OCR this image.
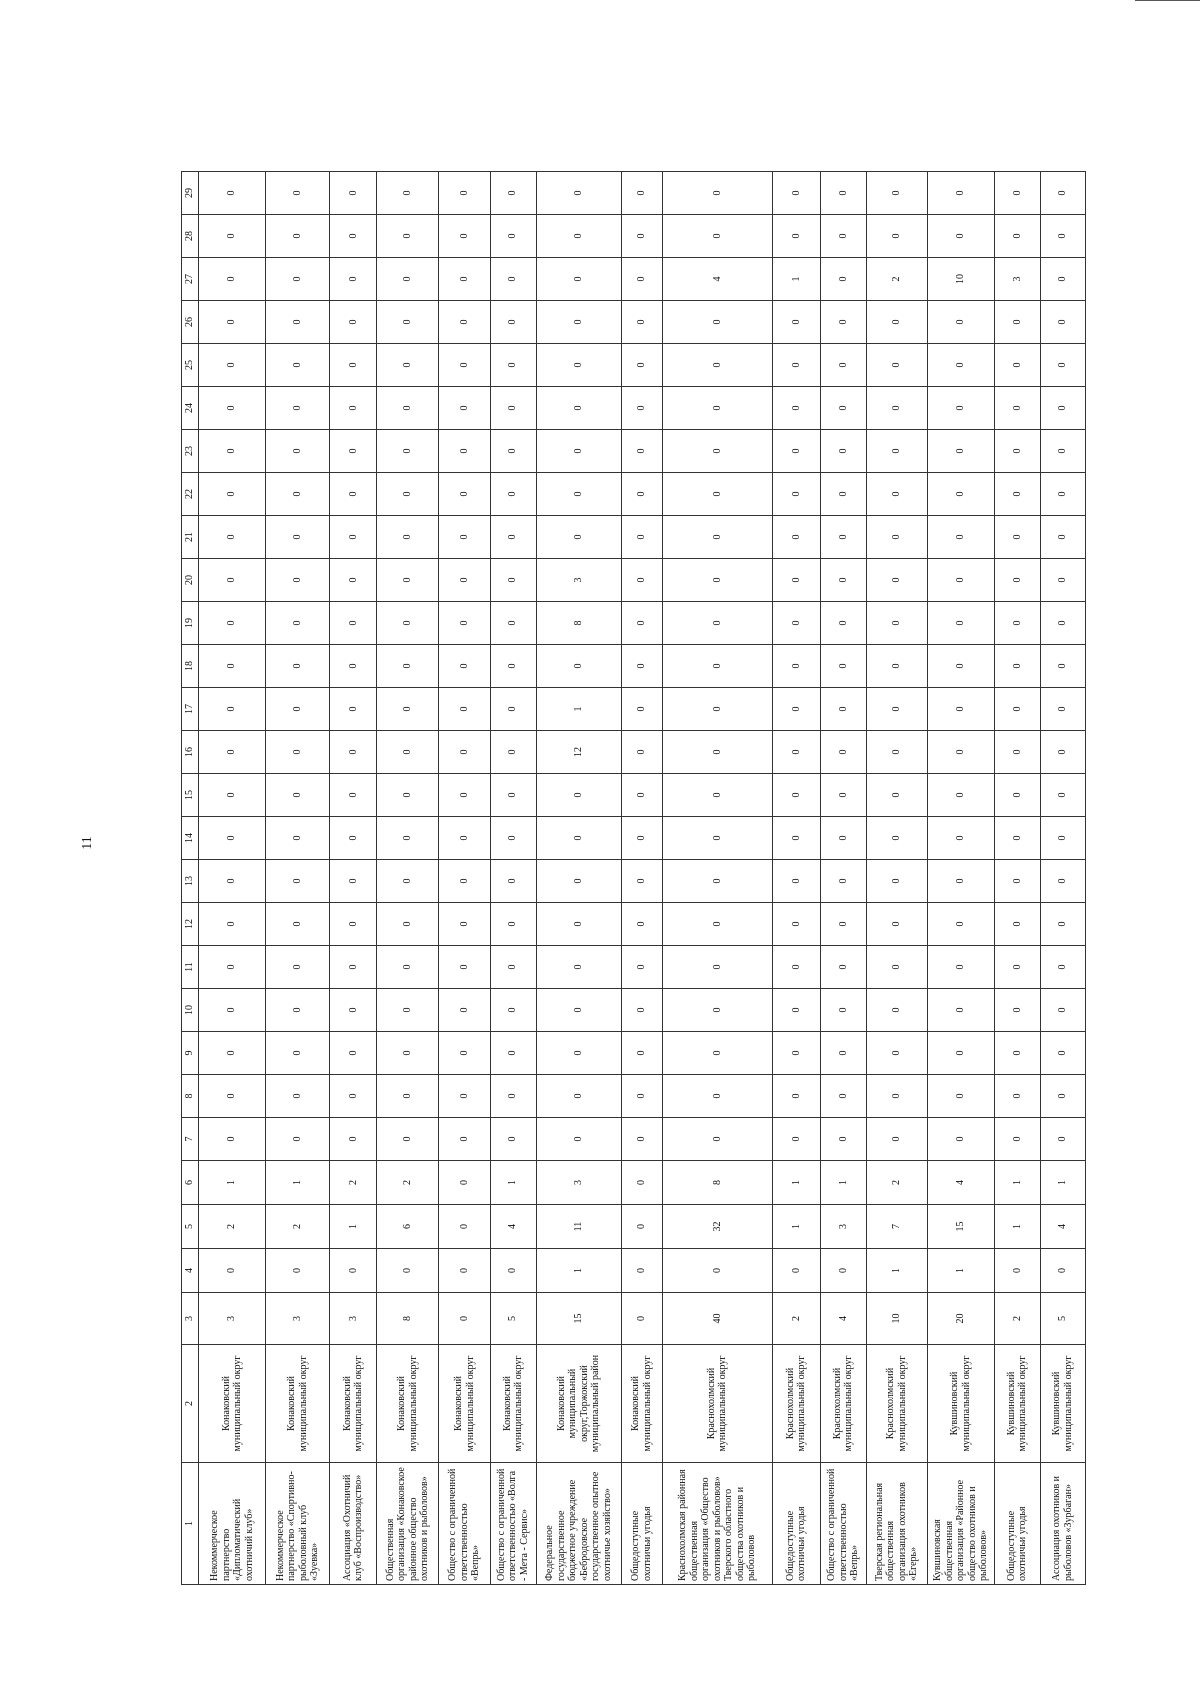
11
1	2	3	4	5	6	7	8	9	10	11	12	13	14	15	16	17	18	19	20	21	22	23	24	25	26	27	28	29
Некоммерческое партнерство «Дипломатический охотничий клуб»	Конаковский муниципальный округ	3	0	2	1	0	0	0	0	0	0	0	0	0	0	0	0	0	0	0	0	0	0	0	0	0	0	0
Некоммерческое партнерство «Спортивно-рыболовный клуб «Зуевка»	Конаковский муниципальный округ	3	0	2	1	0	0	0	0	0	0	0	0	0	0	0	0	0	0	0	0	0	0	0	0	0	0	0
Ассоциация «Охотничий клуб «Воспроизводство»	Конаковский муниципальный округ	3	0	1	2	0	0	0	0	0	0	0	0	0	0	0	0	0	0	0	0	0	0	0	0	0	0	0
Общественная организация «Конаковское районное общество охотников и рыболовов»	Конаковский муниципальный округ	8	0	6	2	0	0	0	0	0	0	0	0	0	0	0	0	0	0	0	0	0	0	0	0	0	0	0
Общество с ограниченной ответственностью «Вепрь»	Конаковский муниципальный округ	0	0	0	0	0	0	0	0	0	0	0	0	0	0	0	0	0	0	0	0	0	0	0	0	0	0	0
Общество с ограниченной ответственностью «Волга - Мета - Сервис»	Конаковский муниципальный округ	5	0	4	1	0	0	0	0	0	0	0	0	0	0	0	0	0	0	0	0	0	0	0	0	0	0	0
Федеральное государственное бюджетное учреждение «Бебродовское государственное опытное охотничье хозяйство»	Конаковский муниципальный округ,Торжокский муниципальный район	15	1	11	3	0	0	0	0	0	0	0	0	0	12	1	0	8	3	0	0	0	0	0	0	0	0	0
Общедоступные охотничьи угодья	Конаковский муниципальный округ	0	0	0	0	0	0	0	0	0	0	0	0	0	0	0	0	0	0	0	0	0	0	0	0	0	0	0
Краснохолмская районная общественная организация «Общество охотников и рыболовов» Тверского областного общества охотников и рыболовов	Краснохолмский муниципальный округ	40	0	32	8	0	0	0	0	0	0	0	0	0	0	0	0	0	0	0	0	0	0	0	0	4	0	0
Общедоступные охотничьи угодья	Краснохолмский муниципальный округ	2	0	1	1	0	0	0	0	0	0	0	0	0	0	0	0	0	0	0	0	0	0	0	0	1	0	0
Общество с ограниченной ответственностью «Вепрь»	Краснохолмский муниципальный округ	4	0	3	1	0	0	0	0	0	0	0	0	0	0	0	0	0	0	0	0	0	0	0	0	0	0	0
Тверская региональная общественная организация охотников «Егерь»	Краснохолмский муниципальный округ	10	1	7	2	0	0	0	0	0	0	0	0	0	0	0	0	0	0	0	0	0	0	0	0	2	0	0
Кувшиновская общественная организация «Районное общество охотников и рыболовов»	Кувшиновский муниципальный округ	20	1	15	4	0	0	0	0	0	0	0	0	0	0	0	0	0	0	0	0	0	0	0	0	10	0	0
Общедоступные охотничьи угодья	Кувшиновский муниципальный округ	2	0	1	1	0	0	0	0	0	0	0	0	0	0	0	0	0	0	0	0	0	0	0	0	3	0	0
Ассоциация охотников и рыболовов «Зурбаган»	Кувшиновский муниципальный округ	5	0	4	1	0	0	0	0	0	0	0	0	0	0	0	0	0	0	0	0	0	0	0	0	0	0	0
